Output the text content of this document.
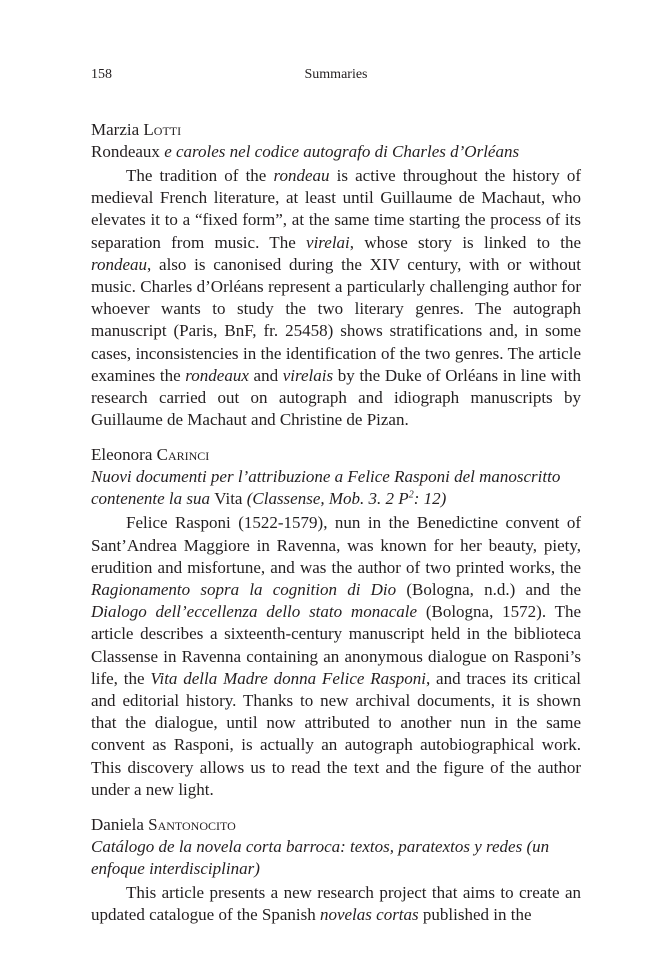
158	Summaries

Marzia Lotti

Rondeaux e caroles nel codice autografo di Charles d’Orléans

The tradition of the rondeau is active throughout the history of medieval French literature, at least until Guillaume de Machaut, who elevates it to a “fixed form”, at the same time starting the process of its separation from music. The virelai, whose story is linked to the rondeau, also is canonised during the XIV century, with or without music. Charles d’Orléans represent a particularly challenging author for whoever wants to study the two literary genres. The autograph manuscript (Paris, BnF, fr. 25458) shows stratifications and, in some cases, inconsistencies in the identification of the two genres. The article examines the rondeaux and virelais by the Duke of Orléans in line with research carried out on autograph and idiograph manuscripts by Guillaume de Machaut and Christine de Pizan.

Eleonora Carinci

Nuovi documenti per l’attribuzione a Felice Rasponi del manoscritto contenente la sua Vita (Classense, Mob. 3. 2 $P^2$: 12)

Felice Rasponi (1522-1579), nun in the Benedictine convent of Sant’Andrea Maggiore in Ravenna, was known for her beauty, piety, erudition and misfortune, and was the author of two printed works, the Ragionamento sopra la cognition di Dio (Bologna, n.d.) and the Dialogo dell’eccellenza dello stato monacale (Bologna, 1572). The article describes a sixteenth-century manuscript held in the biblioteca Classense in Ravenna containing an anonymous dialogue on Rasponi’s life, the Vita della Madre donna Felice Rasponi, and traces its critical and editorial history. Thanks to new archival documents, it is shown that the dialogue, until now attributed to another nun in the same convent as Rasponi, is actually an autograph autobiographical work. This discovery allows us to read the text and the figure of the author under a new light.

Daniela Santonocito

Catálogo de la novela corta barroca: textos, paratextos y redes (un enfoque interdisciplinar)

This article presents a new research project that aims to create an updated catalogue of the Spanish novelas cortas published in the
